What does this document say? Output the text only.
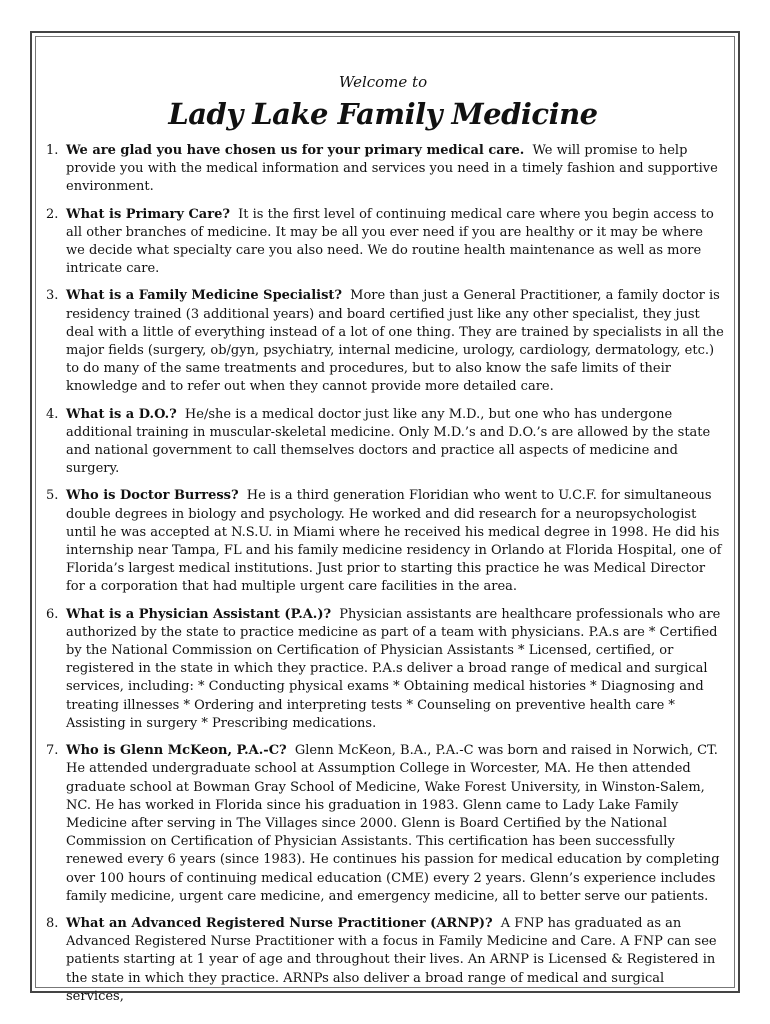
Welcome to
Lady Lake Family Medicine
1. We are glad you have chosen us for your primary medical care. We will promise to help provide you with the medical information and services you need in a timely fashion and supportive environment.
2. What is Primary Care? It is the first level of continuing medical care where you begin access to all other branches of medicine. It may be all you ever need if you are healthy or it may be where we decide what specialty care you also need. We do routine health maintenance as well as more intricate care.
3. What is a Family Medicine Specialist? More than just a General Practitioner, a family doctor is residency trained (3 additional years) and board certified just like any other specialist, they just deal with a little of everything instead of a lot of one thing. They are trained by specialists in all the major fields (surgery, ob/gyn, psychiatry, internal medicine, urology, cardiology, dermatology, etc.) to do many of the same treatments and procedures, but to also know the safe limits of their knowledge and to refer out when they cannot provide more detailed care.
4. What is a D.O.? He/she is a medical doctor just like any M.D., but one who has undergone additional training in muscular-skeletal medicine. Only M.D.’s and D.O.’s are allowed by the state and national government to call themselves doctors and practice all aspects of medicine and surgery.
5. Who is Doctor Burress? He is a third generation Floridian who went to U.C.F. for simultaneous double degrees in biology and psychology. He worked and did research for a neuropsychologist until he was accepted at N.S.U. in Miami where he received his medical degree in 1998. He did his internship near Tampa, FL and his family medicine residency in Orlando at Florida Hospital, one of Florida’s largest medical institutions. Just prior to starting this practice he was Medical Director for a corporation that had multiple urgent care facilities in the area.
6. What is a Physician Assistant (P.A.)? Physician assistants are healthcare professionals who are authorized by the state to practice medicine as part of a team with physicians. P.A.s are * Certified by the National Commission on Certification of Physician Assistants * Licensed, certified, or registered in the state in which they practice. P.A.s deliver a broad range of medical and surgical services, including: * Conducting physical exams * Obtaining medical histories * Diagnosing and treating illnesses * Ordering and interpreting tests * Counseling on preventive health care * Assisting in surgery * Prescribing medications.
7. Who is Glenn McKeon, P.A.-C? Glenn McKeon, B.A., P.A.-C was born and raised in Norwich, CT. He attended undergraduate school at Assumption College in Worcester, MA. He then attended graduate school at Bowman Gray School of Medicine, Wake Forest University, in Winston-Salem, NC. He has worked in Florida since his graduation in 1983. Glenn came to Lady Lake Family Medicine after serving in The Villages since 2000. Glenn is Board Certified by the National Commission on Certification of Physician Assistants. This certification has been successfully renewed every 6 years (since 1983). He continues his passion for medical education by completing over 100 hours of continuing medical education (CME) every 2 years. Glenn’s experience includes family medicine, urgent care medicine, and emergency medicine, all to better serve our patients.
8. What an Advanced Registered Nurse Practitioner (ARNP)? A FNP has graduated as an Advanced Registered Nurse Practitioner with a focus in Family Medicine and Care. A FNP can see patients starting at 1 year of age and throughout their lives. An ARNP is Licensed & Registered in the state in which they practice. ARNPs also deliver a broad range of medical and surgical services,
